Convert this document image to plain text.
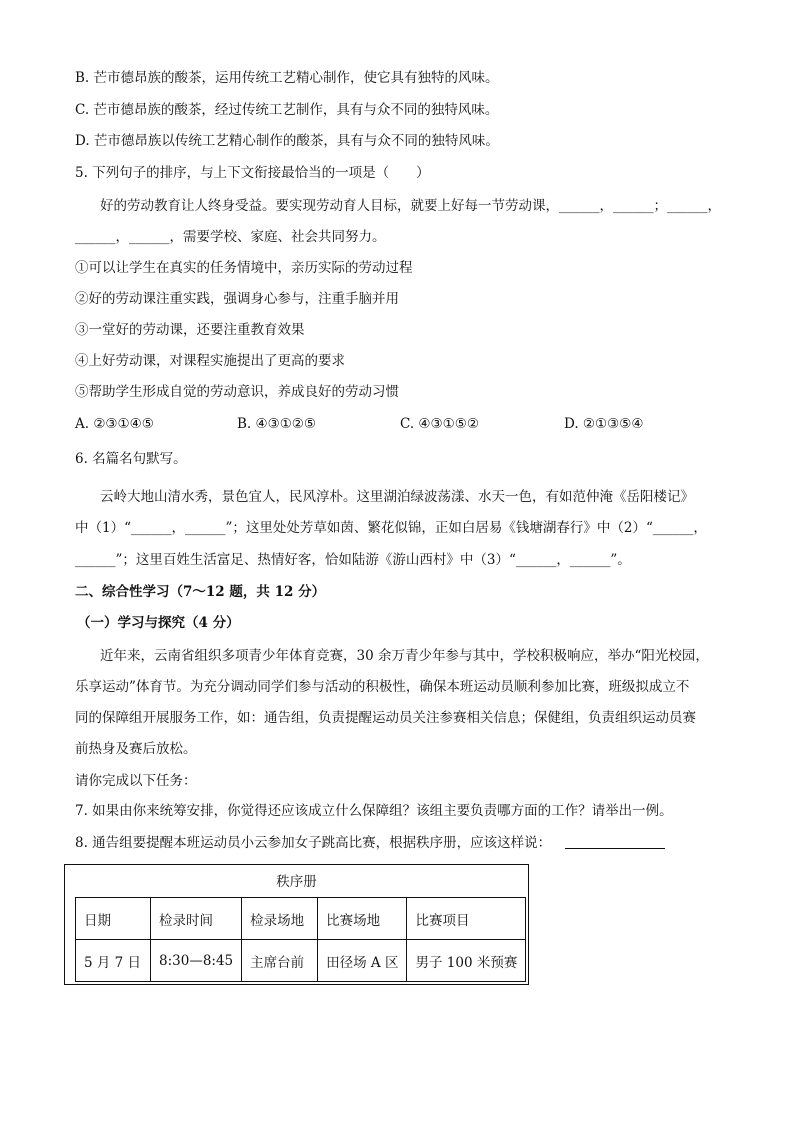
B. 芒市德昂族的酸茶，运用传统工艺精心制作，使它具有独特的风味。
C. 芒市德昂族的酸茶，经过传统工艺制作，具有与众不同的独特风味。
D. 芒市德昂族以传统工艺精心制作的酸茶，具有与众不同的独特风味。
5. 下列句子的排序，与上下文衔接最恰当的一项是（　　）
好的劳动教育让人终身受益。要实现劳动育人目标，就要上好每一节劳动课，______，______；______，
______，______，需要学校、家庭、社会共同努力。
①可以让学生在真实的任务情境中，亲历实际的劳动过程
②好的劳动课注重实践，强调身心参与，注重手脑并用
③一堂好的劳动课，还要注重教育效果
④上好劳动课，对课程实施提出了更高的要求
⑤帮助学生形成自觉的劳动意识，养成良好的劳动习惯
A. ②③①④⑤	B. ④③①②⑤	C. ④③①⑤②	D. ②①③⑤④
6. 名篇名句默写。
云岭大地山清水秀，景色宜人，民风淳朴。这里湖泊绿波荡漾、水天一色，有如范仲淹《岳阳楼记》
中（1）“______，______”；这里处处芳草如茵、繁花似锦，正如白居易《钱塘湖春行》中（2）“______，
______”；这里百姓生活富足、热情好客，恰如陆游《游山西村》中（3）“______，______”。
二、综合性学习（7～12 题，共 12 分）
（一）学习与探究（4 分）
近年来，云南省组织多项青少年体育竞赛，30 余万青少年参与其中，学校积极响应，举办“阳光校园，
乐享运动”体育节。为充分调动同学们参与活动的积极性，确保本班运动员顺利参加比赛，班级拟成立不
同的保障组开展服务工作，如：通告组，负责提醒运动员关注参赛相关信息；保健组，负责组织运动员赛
前热身及赛后放松。
请你完成以下任务：
7. 如果由你来统筹安排，你觉得还应该成立什么保障组？该组主要负责哪方面的工作？请举出一例。
8. 通告组要提醒本班运动员小云参加女子跳高比赛，根据秩序册，应该这样说：
秩序册
日期	检录时间	检录场地	比赛场地	比赛项目
5 月 7 日	8:30—8:45	主席台前	田径场 A 区	男子 100 米预赛
